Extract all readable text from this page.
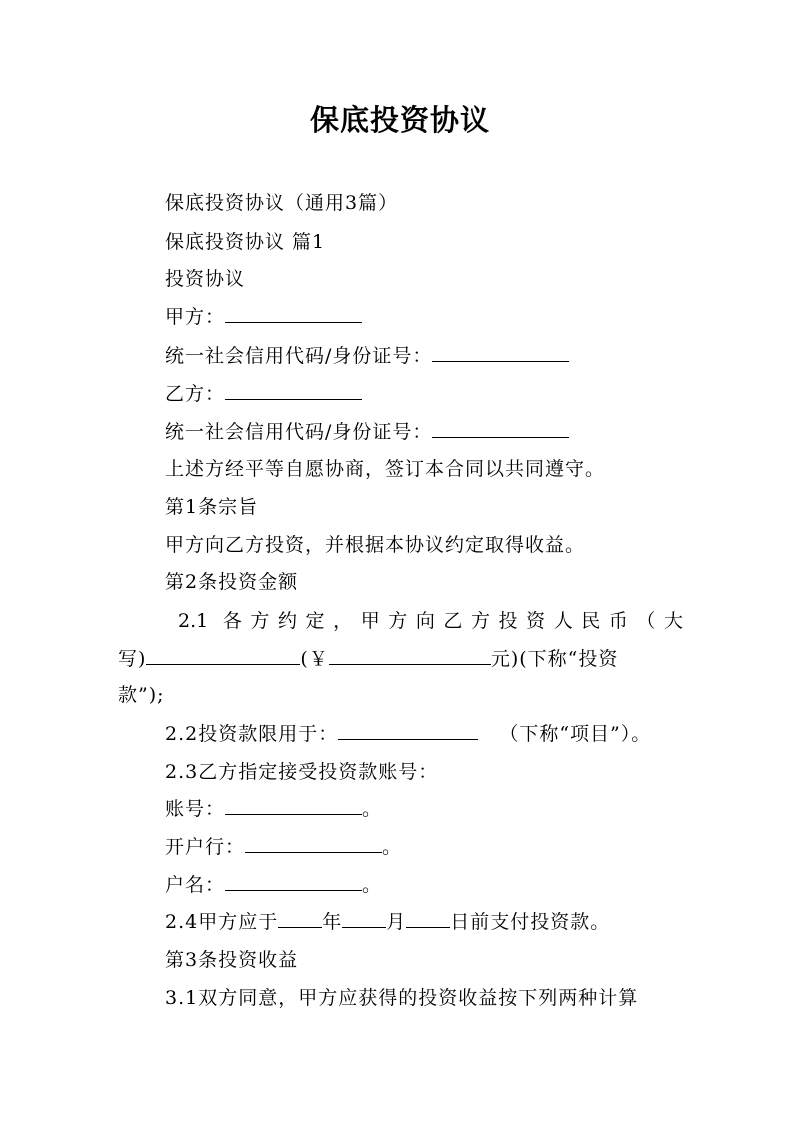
保底投资协议
保底投资协议（通用3篇）
保底投资协议 篇1
投资协议
甲方：
统一社会信用代码/身份证号：
乙方：
统一社会信用代码/身份证号：
上述方经平等自愿协商，签订本合同以共同遵守。
第1条宗旨
甲方向乙方投资，并根据本协议约定取得收益。
第2条投资金额
2.1 各方约定，甲方向乙方投资人民币（大
写)	(￥	元)(下称“投资
款”);
2.2投资款限用于：	（下称“项目”）。
2.3乙方指定接受投资款账号：
账号：	。
开户行：	。
户名：	。
2.4甲方应于 年 月 日前支付投资款。
第3条投资收益
3.1双方同意，甲方应获得的投资收益按下列两种计算
